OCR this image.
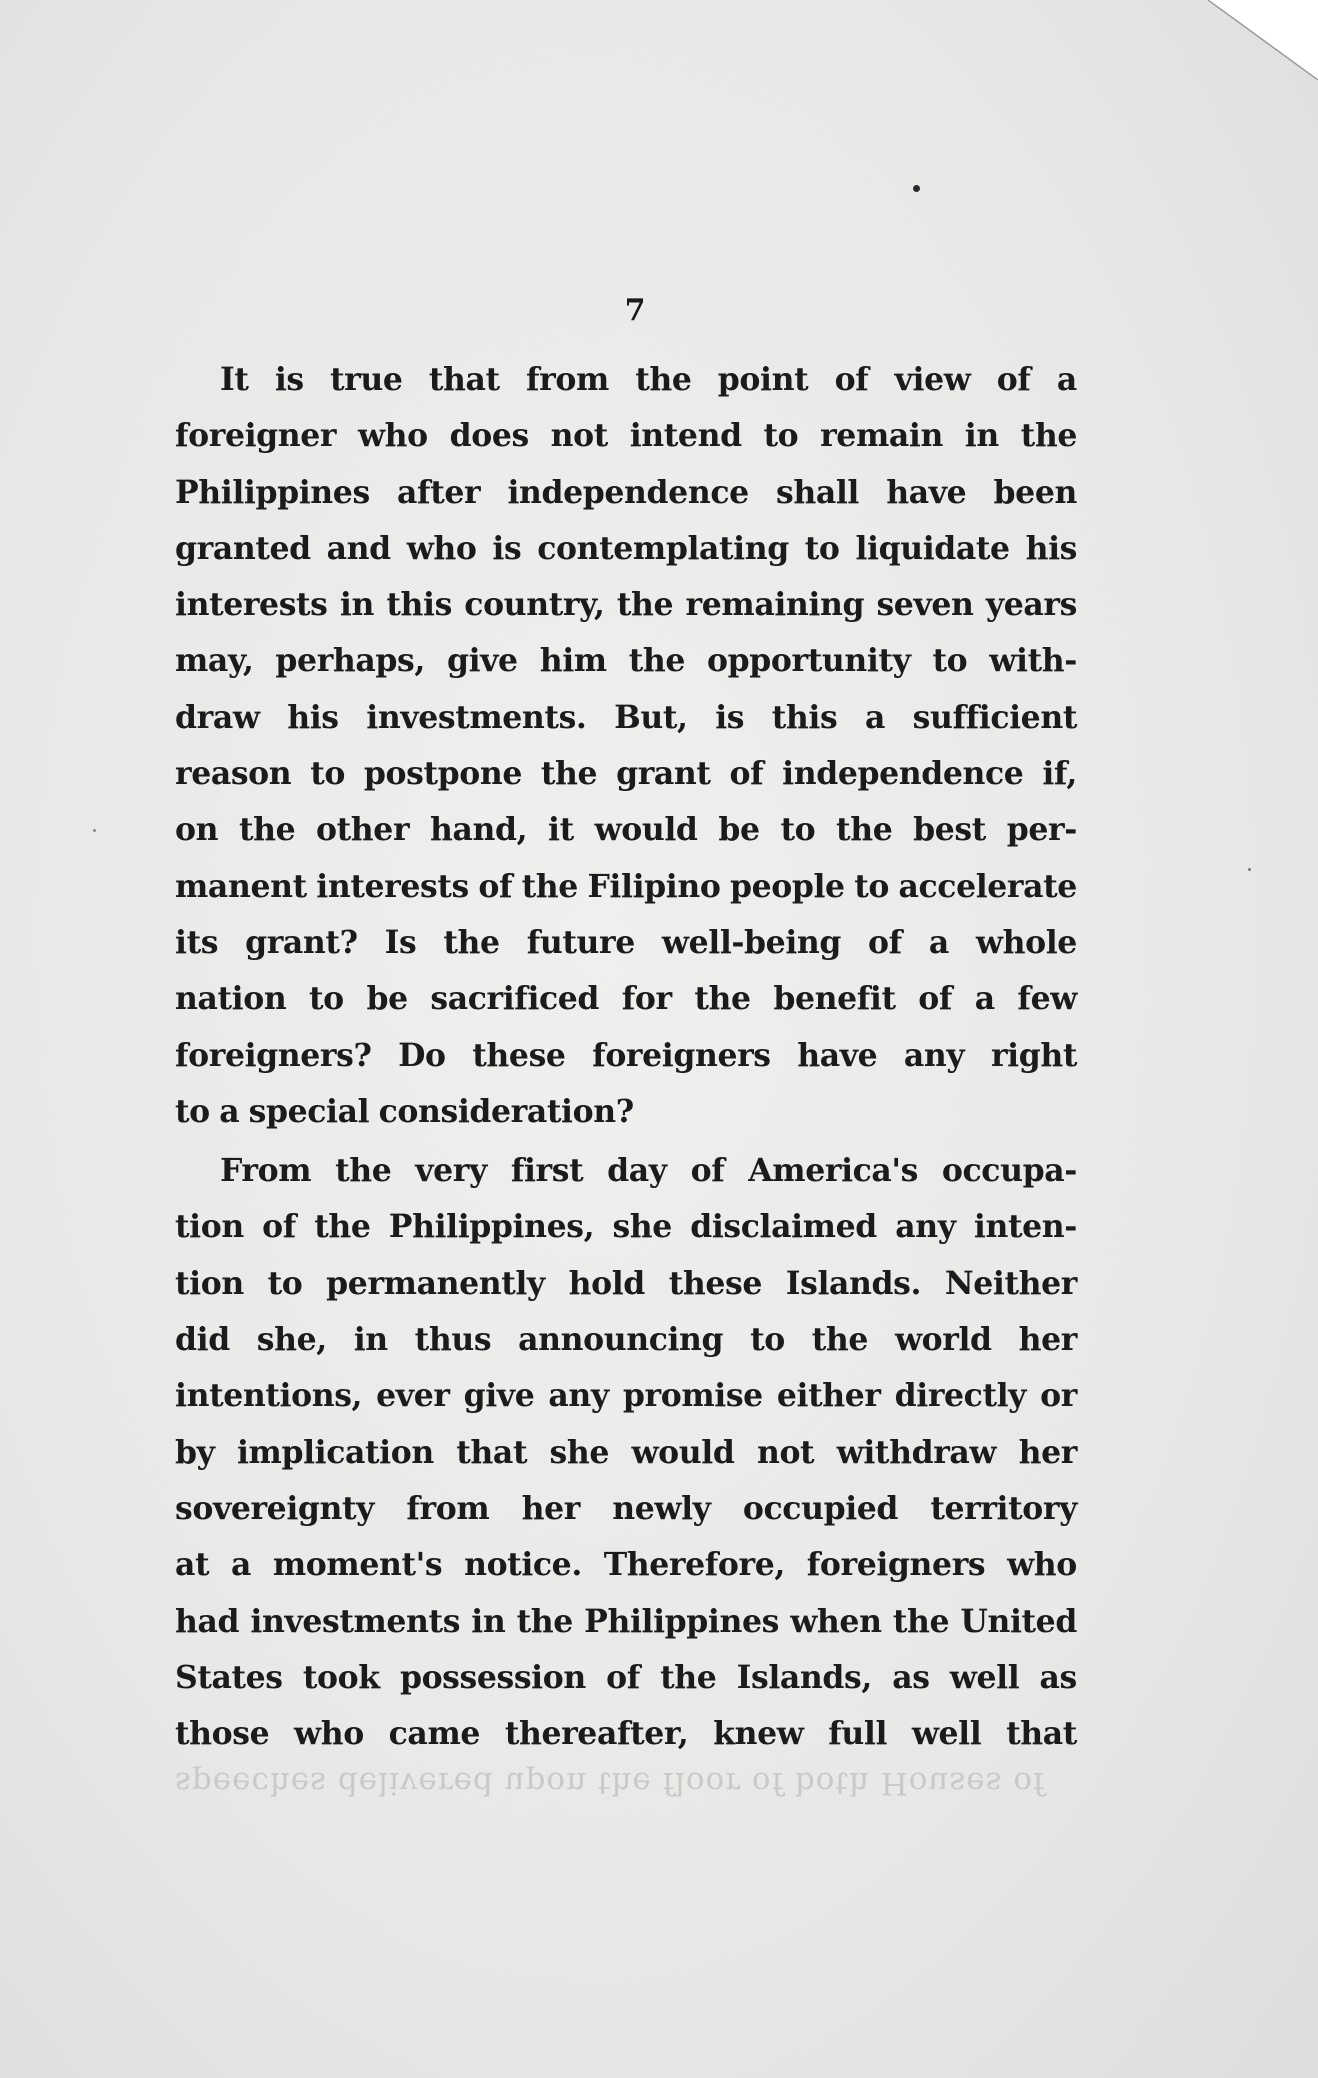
7
It is true that from the point of view of a
foreigner who does not intend to remain in the
Philippines after independence shall have been
granted and who is contemplating to liquidate his
interests in this country, the remaining seven years
may, perhaps, give him the opportunity to with-
draw his investments. But, is this a sufficient
reason to postpone the grant of independence if,
on the other hand, it would be to the best per-
manent interests of the Filipino people to accelerate
its grant? Is the future well-being of a whole
nation to be sacrificed for the benefit of a few
foreigners? Do these foreigners have any right
to a special consideration?
From the very first day of America's occupa-
tion of the Philippines, she disclaimed any inten-
tion to permanently hold these Islands. Neither
did she, in thus announcing to the world her
intentions, ever give any promise either directly or
by implication that she would not withdraw her
sovereignty from her newly occupied territory
at a moment's notice. Therefore, foreigners who
had investments in the Philippines when the United
States took possession of the Islands, as well as
those who came thereafter, knew full well that
speeches delivered upon the floor of both Houses of
